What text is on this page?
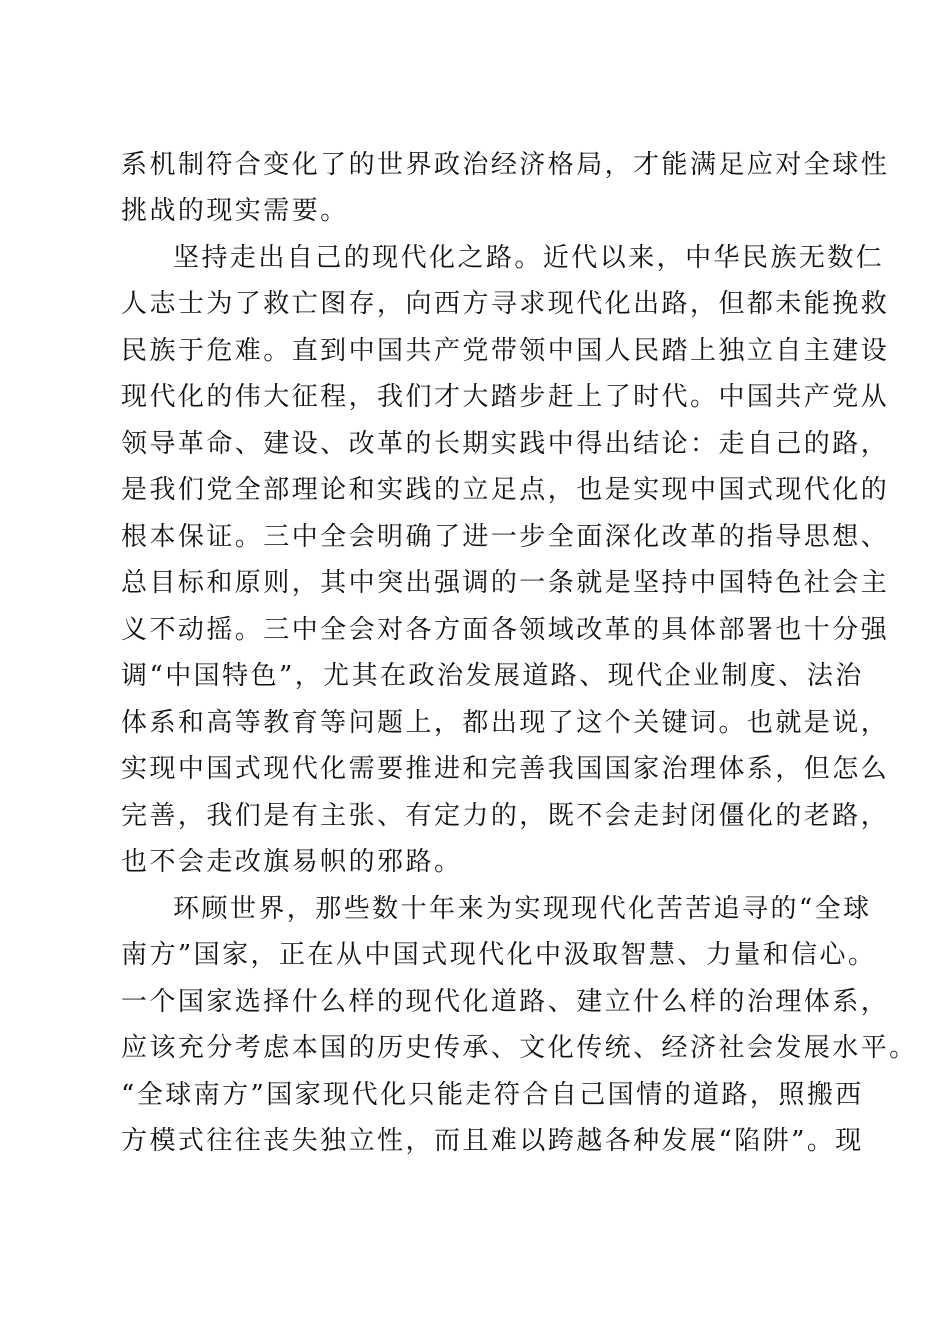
系机制符合变化了的世界政治经济格局，才能满足应对全球性
挑战的现实需要。
坚持走出自己的现代化之路。近代以来，中华民族无数仁
人志士为了救亡图存，向西方寻求现代化出路，但都未能挽救
民族于危难。直到中国共产党带领中国人民踏上独立自主建设
现代化的伟大征程，我们才大踏步赶上了时代。中国共产党从
领导革命、建设、改革的长期实践中得出结论：走自己的路，
是我们党全部理论和实践的立足点，也是实现中国式现代化的
根本保证。三中全会明确了进一步全面深化改革的指导思想、
总目标和原则，其中突出强调的一条就是坚持中国特色社会主
义不动摇。三中全会对各方面各领域改革的具体部署也十分强
调“中国特色”，尤其在政治发展道路、现代企业制度、法治
体系和高等教育等问题上，都出现了这个关键词。也就是说，
实现中国式现代化需要推进和完善我国国家治理体系，但怎么
完善，我们是有主张、有定力的，既不会走封闭僵化的老路，
也不会走改旗易帜的邪路。
环顾世界，那些数十年来为实现现代化苦苦追寻的“全球
南方”国家，正在从中国式现代化中汲取智慧、力量和信心。
一个国家选择什么样的现代化道路、建立什么样的治理体系，
应该充分考虑本国的历史传承、文化传统、经济社会发展水平。
“全球南方”国家现代化只能走符合自己国情的道路，照搬西
方模式往往丧失独立性，而且难以跨越各种发展“陷阱”。现
